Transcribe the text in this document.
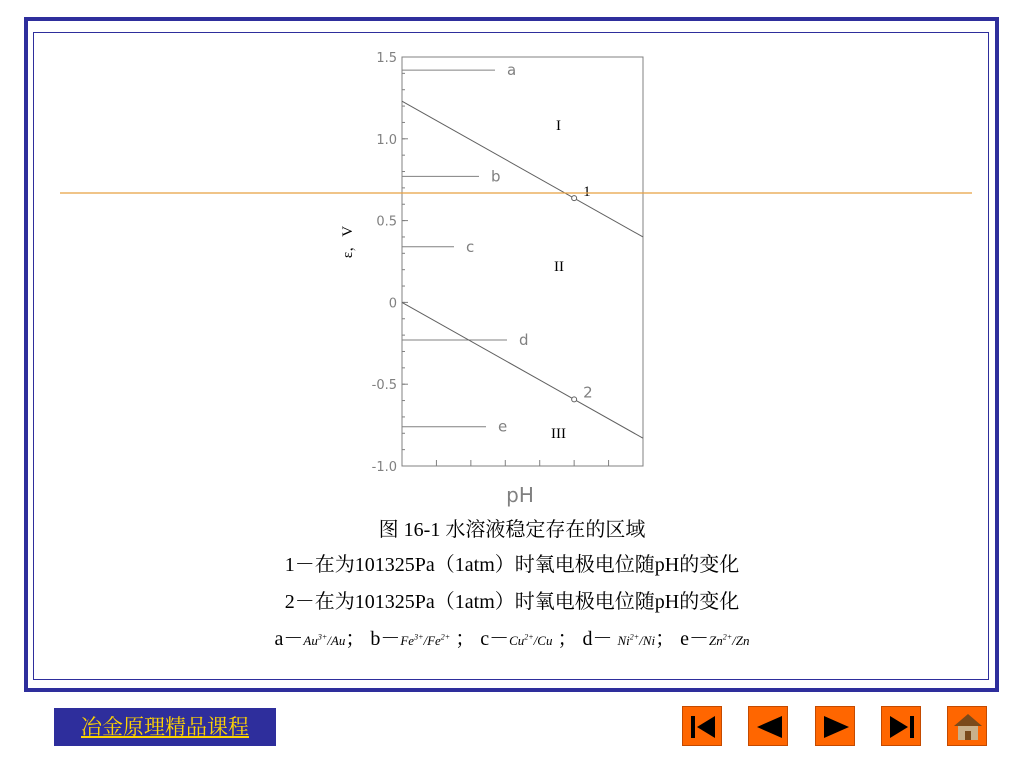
1.5
1.0
0.5
0
-0.5
-1.0
a
b
c
d
e
1
2
I
II
III
ε，V
pH
图 16-1 水溶液稳定存在的区域
1－在为101325Pa（1atm）时氧电极电位随pH的变化
2－在为101325Pa（1atm）时氧电极电位随pH的变化
$a-Au^{3+}/Au$； $b-Fe^{3+}/Fe^{2+}$ ； $c-Cu^{2+}/Cu$ ； $d- Ni^{2+}/Ni$； $e-Zn^{2+}/Zn$
冶金原理精品课程
